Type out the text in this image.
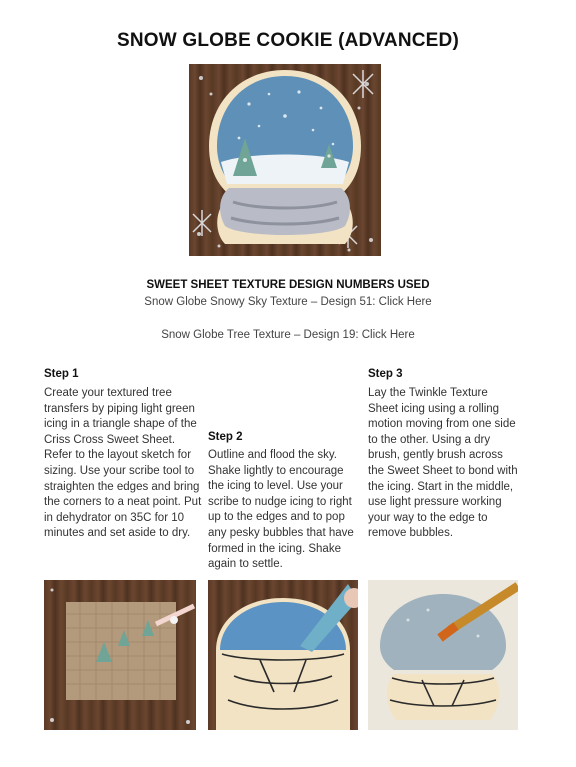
SNOW GLOBE COOKIE (ADVANCED)
SWEET SHEET TEXTURE DESIGN NUMBERS USED
Snow Globe Snowy Sky Texture – Design 51: Click Here
Snow Globe Tree Texture – Design 19: Click Here
Step 1
Create your textured tree transfers by piping light green icing in a triangle shape of the Criss Cross Sweet Sheet. Refer to the layout sketch for sizing. Use your scribe tool to straighten the edges and bring the corners to a neat point. Put in dehydrator on 35C for 10 minutes and set aside to dry.
Step 2
Outline and flood the sky. Shake lightly to encourage the icing to level. Use your scribe to nudge icing to right up to the edges and to pop any pesky bubbles that have formed in the icing. Shake again to settle.
Step 3
Lay the Twinkle Texture Sheet icing using a rolling motion moving from one side to the other. Using a dry brush, gently brush across the Sweet Sheet to bond with the icing. Start in the middle, use light pressure working your way to the edge to remove bubbles.
